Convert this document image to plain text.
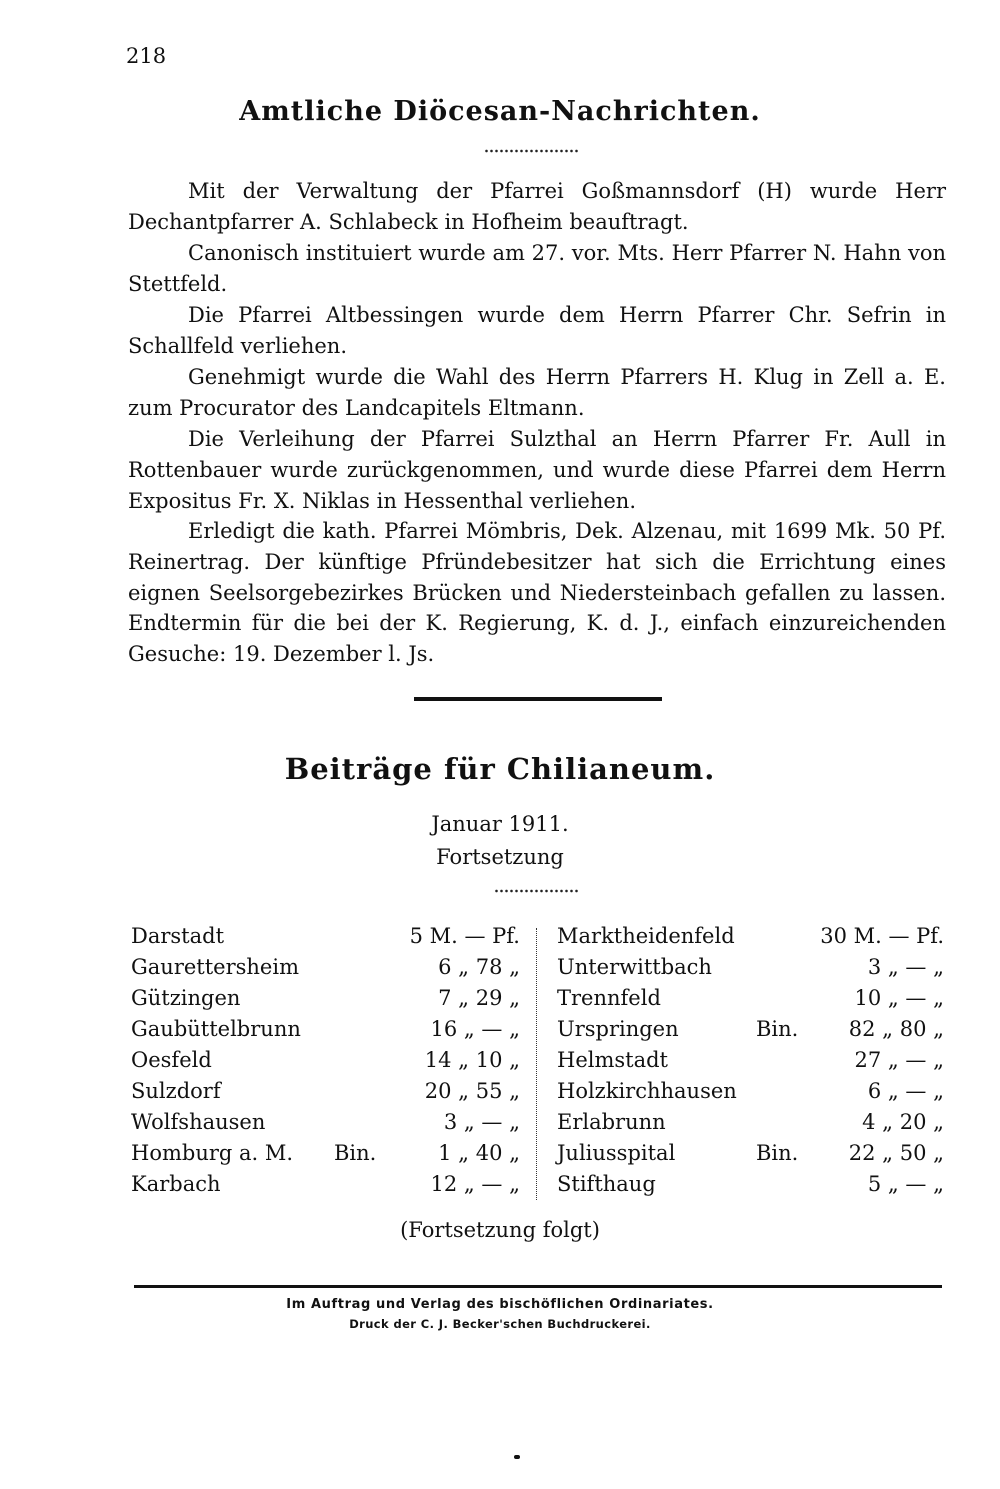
218
Amtliche Diöcesan-Nachrichten.

Mit der Verwaltung der Pfarrei Goßmannsdorf (H) wurde Herr Dechantpfarrer A. Schlabeck in Hofheim beauftragt.

Canonisch instituiert wurde am 27. vor. Mts. Herr Pfarrer N. Hahn von Stettfeld.

Die Pfarrei Altbessingen wurde dem Herrn Pfarrer Chr. Sefrin in Schallfeld verliehen.

Genehmigt wurde die Wahl des Herrn Pfarrers H. Klug in Zell a. E. zum Procurator des Landcapitels Eltmann.

Die Verleihung der Pfarrei Sulzthal an Herrn Pfarrer Fr. Aull in Rottenbauer wurde zurückgenommen, und wurde diese Pfarrei dem Herrn Expositus Fr. X. Niklas in Hessenthal verliehen.

Erledigt die kath. Pfarrei Mömbris, Dek. Alzenau, mit 1699 Mk. 50 Pf. Reinertrag. Der künftige Pfründebesitzer hat sich die Errichtung eines eignen Seelsorgebezirkes Brücken und Niedersteinbach gefallen zu lassen. Endtermin für die bei der K. Regierung, K. d. J., einfach einzureichenden Gesuche: 19. Dezember l. Js.

Beiträge für Chilianeum.
Januar 1911.
Fortsetzung
Darstadt	5 M. — Pf. Marktheidenfeld	30 M. — Pf.
Gaurettersheim	6 „ 78 „ Unterwittbach	3 „ — „
Gützingen	7 „ 29 „ Trennfeld	10 „ — „
Gaubüttelbrunn	16 „ — „ Urspringen	Bin. 82 „ 80 „
Oesfeld	14 „ 10 „ Helmstadt	27 „ — „
Sulzdorf	20 „ 55 „ Holzkirchhausen	6 „ — „
Wolfshausen	3 „ — „ Erlabrunn	4 „ 20 „
Homburg a. M. Bin.	1 „ 40 „ Juliusspital	Bin. 22 „ 50 „
Karbach	12 „ — „ Stifthaug	5 „ — „
(Fortsetzung folgt)
Im Auftrag und Verlag des bischöflichen Ordinariates.
Druck der C. J. Becker'schen Buchdruckerei.
